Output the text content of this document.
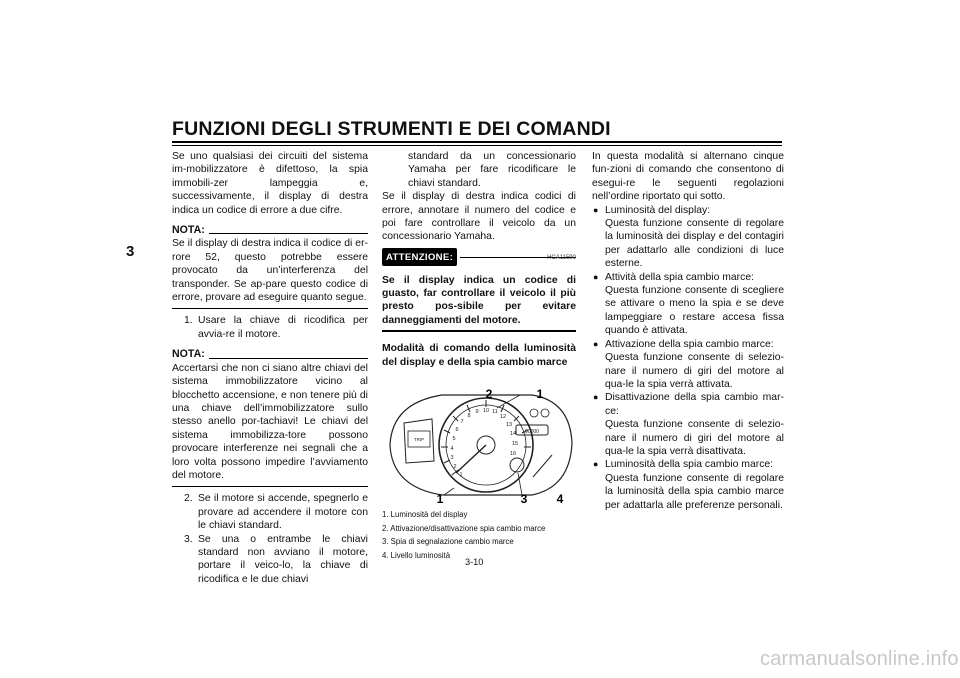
FUNZIONI DEGLI STRUMENTI E DEI COMANDI
3

Se uno qualsiasi dei circuiti del sistema im-mobilizzatore è difettoso, la spia immobili-zer lampeggia e, successivamente, il display di destra indica un codice di errore a due cifre.

NOTA:

Se il display di destra indica il codice di er-rore 52, questo potrebbe essere provocato da un’interferenza del transponder. Se ap-pare questo codice di errore, provare ad eseguire quanto segue.

1. Usare la chiave di ricodifica per avvia-re il motore.
NOTA:

Accertarsi che non ci siano altre chiavi del sistema immobilizzatore vicino al blocchetto accensione, e non tenere più di una chiave dell’immobilizzatore sullo stesso anello por-tachiavi! Le chiavi del sistema immobilizza-tore possono provocare interferenze nei segnali che a loro volta possono impedire l’avviamento del motore.

2. Se il motore si accende, spegnerlo e provare ad accendere il motore con le chiavi standard.
3. Se una o entrambe le chiavi standard non avviano il motore, portare il veico-lo, la chiave di ricodifica e le due chiavi

standard da un concessionario Yamaha per fare ricodificare le chiavi standard.

Se il display di destra indica codici di errore, annotare il numero del codice e poi fare controllare il veicolo da un concessionario Yamaha.

ATTENZIONE:	HCA11590

Se il display indica un codice di guasto, far controllare il veicolo il più presto pos-sibile per evitare danneggiamenti del motore.

Modalità di comando della luminosità del display e della spia cambio marce

1
2
3
4
5
6
7
8
9 10 11
12
13
14
15
16
TRIP
00000
1
2
1	3 4
1. Luminosità del display
2. Attivazione/disattivazione spia cambio marce
3. Spia di segnalazione cambio marce
4. Livello luminosità

In questa modalità si alternano cinque fun-zioni di comando che consentono di esegui-re le seguenti regolazioni nell’ordine riportato qui sotto.

● Luminosità del display:
Questa funzione consente di regolare la luminosità dei display e del contagiri per adattarlo alle condizioni di luce esterne.
● Attività della spia cambio marce:
Questa funzione consente di scegliere se attivare o meno la spia e se deve lampeggiare o restare accesa fissa quando è attivata.
● Attivazione della spia cambio marce:
Questa funzione consente di selezio-nare il numero di giri del motore al qua-le la spia verrà attivata.
● Disattivazione della spia cambio mar-ce:
Questa funzione consente di selezio-nare il numero di giri del motore al qua-le la spia verrà disattivata.
● Luminosità della spia cambio marce:
Questa funzione consente di regolare la luminosità della spia cambio marce per adattarla alle preferenze personali.
3-10
carmanualsonline.info
